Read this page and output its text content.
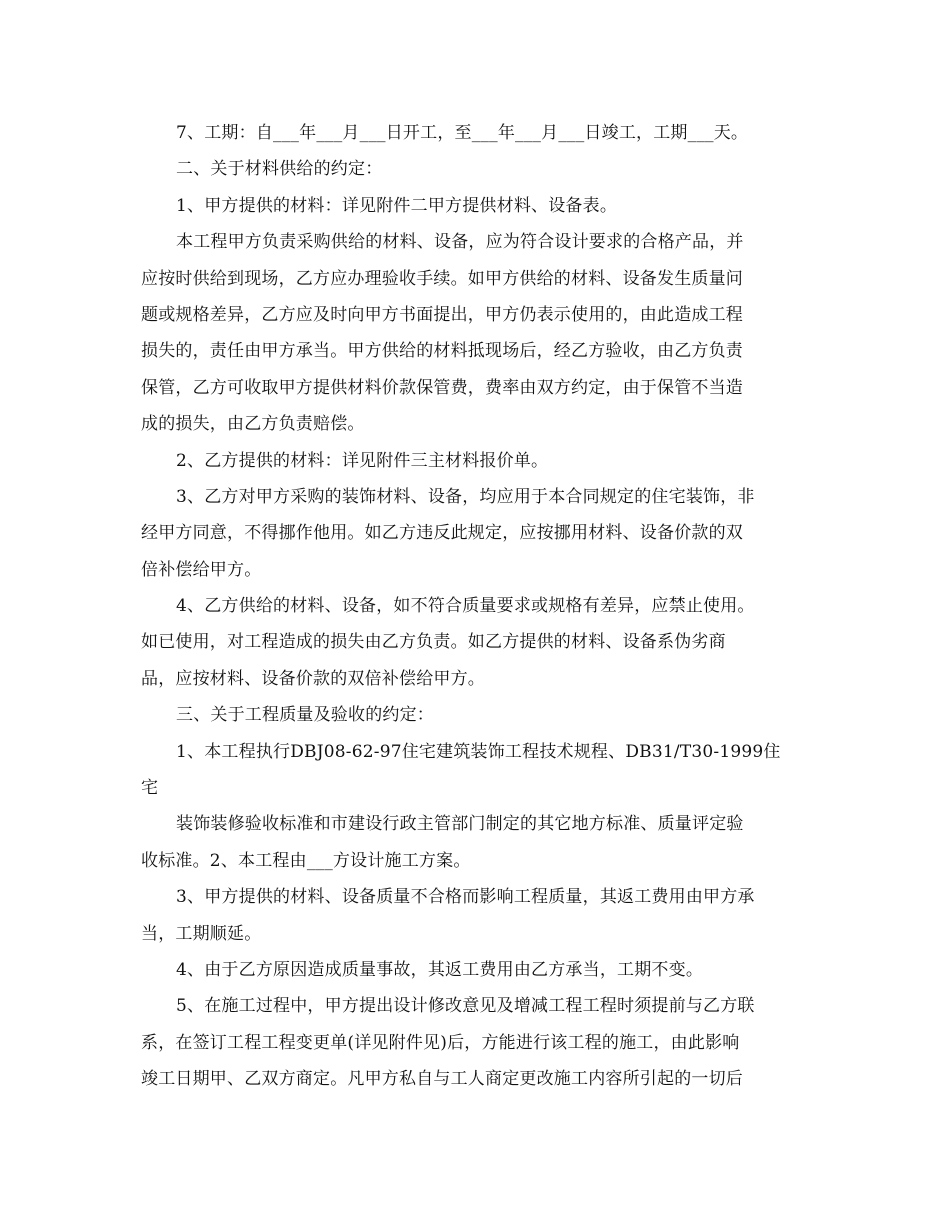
7、工期：自___年___月___日开工，至___年___月___日竣工，工期___天。
二、关于材料供给的约定：
1、甲方提供的材料：详见附件二甲方提供材料、设备表。
本工程甲方负责采购供给的材料、设备，应为符合设计要求的合格产品，并
应按时供给到现场，乙方应办理验收手续。如甲方供给的材料、设备发生质量问
题或规格差异，乙方应及时向甲方书面提出，甲方仍表示使用的，由此造成工程
损失的，责任由甲方承当。甲方供给的材料抵现场后，经乙方验收，由乙方负责
保管，乙方可收取甲方提供材料价款保管费，费率由双方约定，由于保管不当造
成的损失，由乙方负责赔偿。
2、乙方提供的材料：详见附件三主材料报价单。
3、乙方对甲方采购的装饰材料、设备，均应用于本合同规定的住宅装饰，非
经甲方同意，不得挪作他用。如乙方违反此规定，应按挪用材料、设备价款的双
倍补偿给甲方。
4、乙方供给的材料、设备，如不符合质量要求或规格有差异，应禁止使用。
如已使用，对工程造成的损失由乙方负责。如乙方提供的材料、设备系伪劣商
品，应按材料、设备价款的双倍补偿给甲方。
三、关于工程质量及验收的约定：
1、本工程执行DBJ08-62-97住宅建筑装饰工程技术规程、DB31/T30-1999住
宅
装饰装修验收标准和市建设行政主管部门制定的其它地方标准、质量评定验
收标准。2、本工程由___方设计施工方案。
3、甲方提供的材料、设备质量不合格而影响工程质量，其返工费用由甲方承
当，工期顺延。
4、由于乙方原因造成质量事故，其返工费用由乙方承当，工期不变。
5、在施工过程中，甲方提出设计修改意见及增减工程工程时须提前与乙方联
系，在签订工程工程变更单(详见附件见)后，方能进行该工程的施工，由此影响
竣工日期甲、乙双方商定。凡甲方私自与工人商定更改施工内容所引起的一切后
